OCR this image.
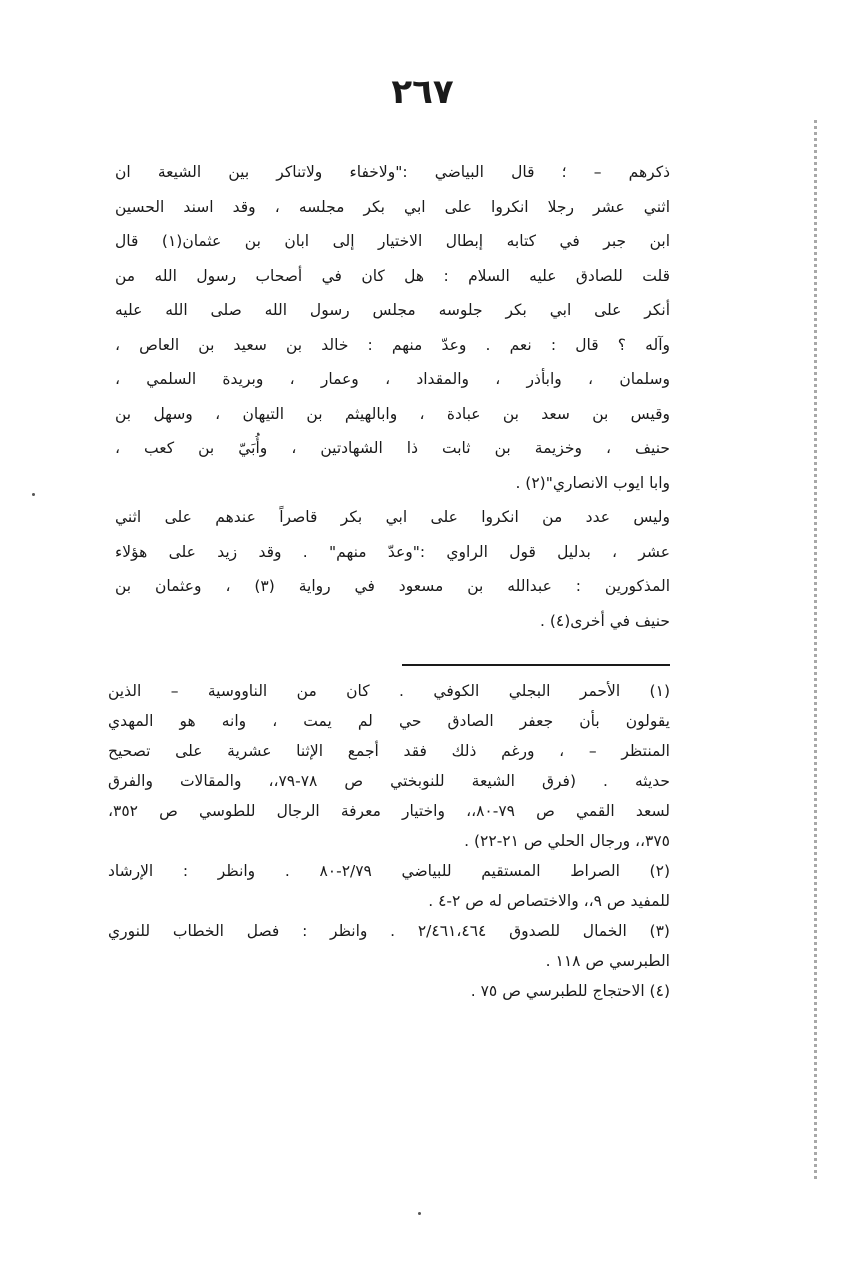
٢٦٧
ذكرهم – ؛ قال البياضي :"ولاخفاء ولاتناكر بين الشيعة ان
اثني عشر رجلا انكروا على ابي بكر مجلسه ، وقد اسند الحسين
ابن جبر في كتابه إبطال الاختيار إلى ابان بن عثمان(١) قال
قلت للصادق عليه السلام : هل كان في أصحاب رسول الله من
أنكر على ابي بكر جلوسه مجلس رسول الله صلى الله عليه
وآله ؟ قال : نعم . وعدّ منهم : خالد بن سعيد بن العاص ،
وسلمان ، وابأذر ، والمقداد ، وعمار ، وبريدة السلمي ،
وقيس بن سعد بن عبادة ، وابالهيثم بن التيهان ، وسهل بن
حنيف ، وخزيمة بن ثابت ذا الشهادتين ، وأُبَيّ بن كعب ،
وابا ايوب الانصاري"(٢) .
وليس عدد من انكروا على ابي بكر قاصراً عندهم على اثني
عشر ، بدليل قول الراوي :"وعدّ منهم" . وقد زيد على هؤلاء
المذكورين : عبدالله بن مسعود في رواية (٣) ، وعثمان بن
حنيف في أخرى(٤) .
(١) الأحمر البجلي الكوفي . كان من الناووسية – الذين
يقولون بأن جعفر الصادق حي لم يمت ، وانه هو المهدي
المنتظر – ، ورغم ذلك فقد أجمع الإثنا عشرية على تصحيح
حديثه . (فرق الشيعة للنوبختي ص ٧٨-٧٩،، والمقالات والفرق
لسعد القمي ص ٧٩-٨٠،، واختيار معرفة الرجال للطوسي ص ٣٥٢،
٣٧٥،، ورجال الحلي ص ٢١-٢٢) .
(٢) الصراط المستقيم للبياضي ٢/٧٩-٨٠ . وانظر : الإرشاد
للمفيد ص ٩،، والاختصاص له ص ٢-٤ .
(٣) الخمال للصدوق ٢/٤٦١،٤٦٤ . وانظر : فصل الخطاب للنوري
الطبرسي ص ١١٨ .
(٤) الاحتجاج للطبرسي ص ٧٥ .
